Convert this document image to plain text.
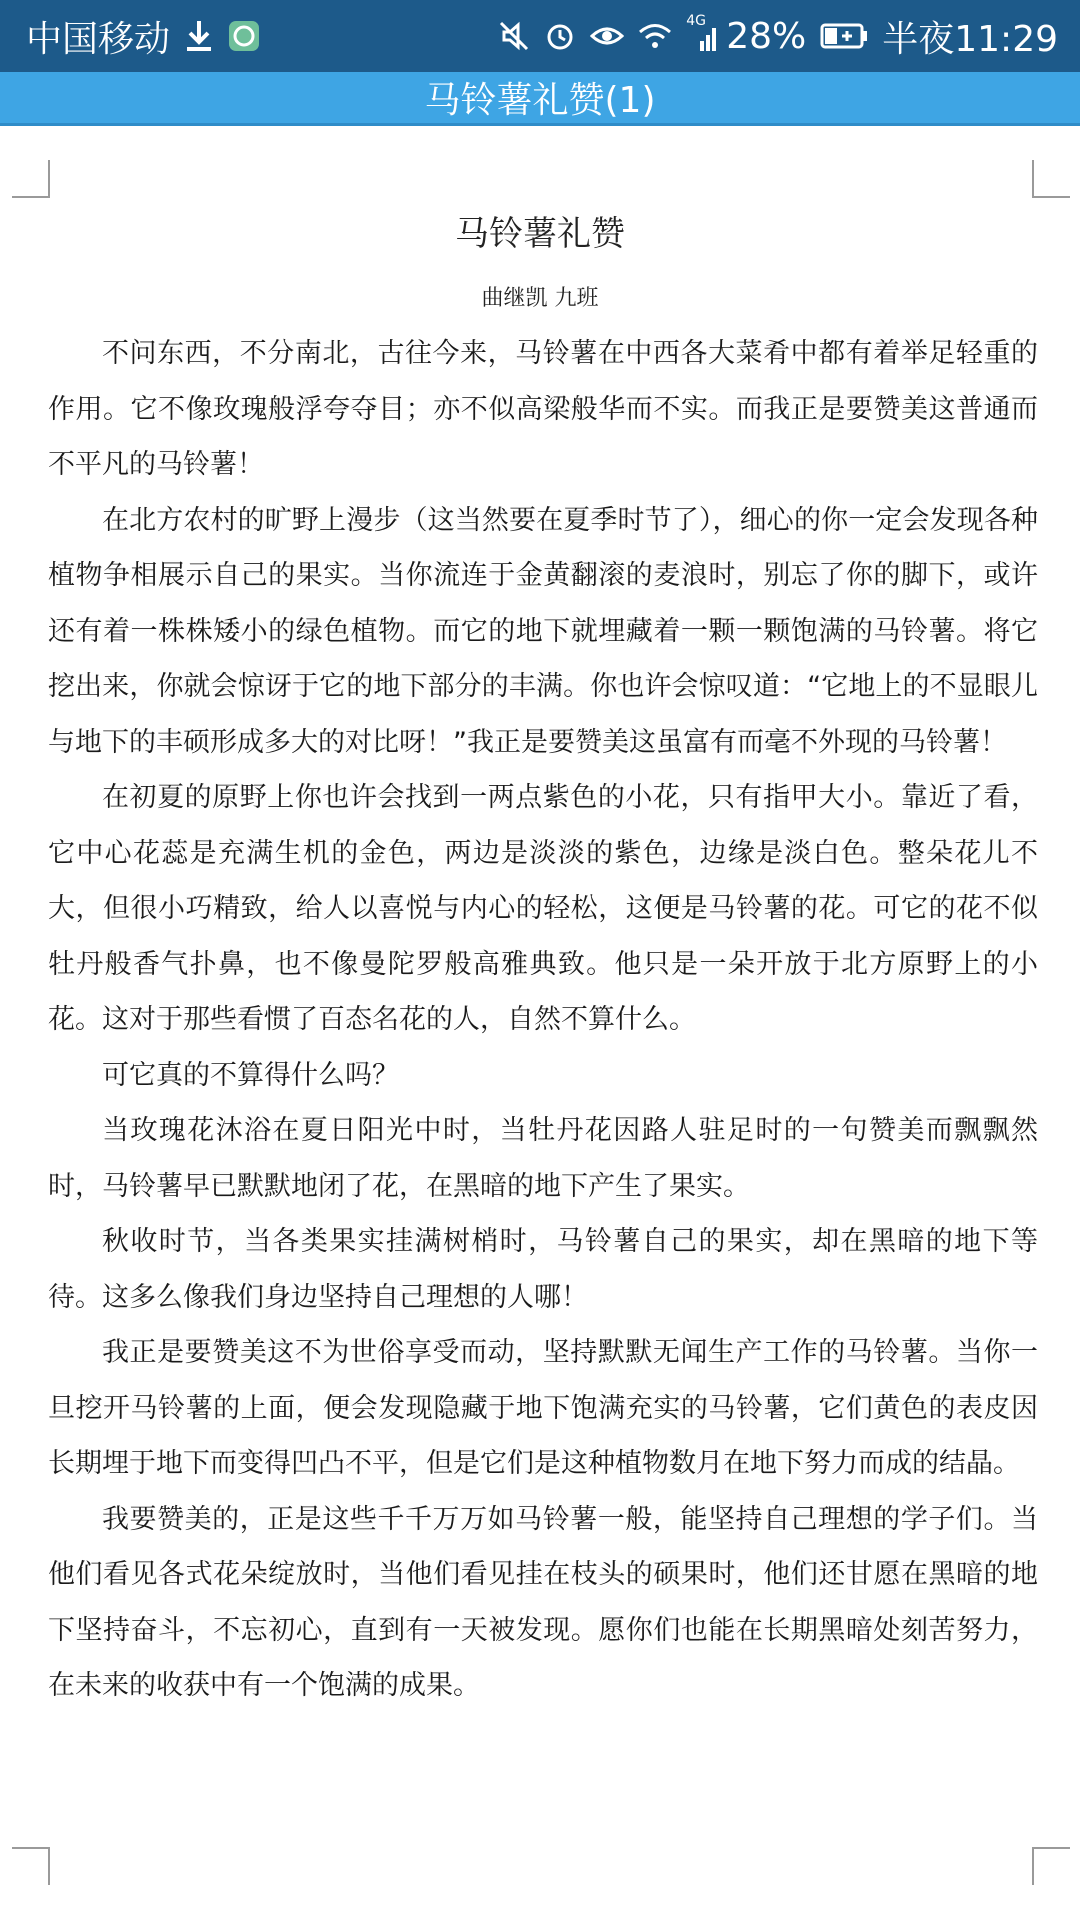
中国移动	4G 28% 半夜11:29
马铃薯礼赞(1)
马铃薯礼赞
曲继凯 九班

不问东西，不分南北，古往今来，马铃薯在中西各大菜肴中都有着举足轻重的作用。它不像玫瑰般浮夸夺目；亦不似高梁般华而不实。而我正是要赞美这普通而不平凡的马铃薯！

在北方农村的旷野上漫步（这当然要在夏季时节了），细心的你一定会发现各种植物争相展示自己的果实。当你流连于金黄翻滚的麦浪时，别忘了你的脚下，或许还有着一株株矮小的绿色植物。而它的地下就埋藏着一颗一颗饱满的马铃薯。将它挖出来，你就会惊讶于它的地下部分的丰满。你也许会惊叹道：“它地上的不显眼儿与地下的丰硕形成多大的对比呀！”我正是要赞美这虽富有而毫不外现的马铃薯！

在初夏的原野上你也许会找到一两点紫色的小花，只有指甲大小。靠近了看，它中心花蕊是充满生机的金色，两边是淡淡的紫色，边缘是淡白色。整朵花儿不大，但很小巧精致，给人以喜悦与内心的轻松，这便是马铃薯的花。可它的花不似牡丹般香气扑鼻，也不像曼陀罗般高雅典致。他只是一朵开放于北方原野上的小花。这对于那些看惯了百态名花的人，自然不算什么。

可它真的不算得什么吗？

当玫瑰花沐浴在夏日阳光中时，当牡丹花因路人驻足时的一句赞美而飘飘然时，马铃薯早已默默地闭了花，在黑暗的地下产生了果实。

秋收时节，当各类果实挂满树梢时，马铃薯自己的果实，却在黑暗的地下等待。这多么像我们身边坚持自己理想的人哪！

我正是要赞美这不为世俗享受而动，坚持默默无闻生产工作的马铃薯。当你一旦挖开马铃薯的上面，便会发现隐藏于地下饱满充实的马铃薯，它们黄色的表皮因长期埋于地下而变得凹凸不平，但是它们是这种植物数月在地下努力而成的结晶。

我要赞美的，正是这些千千万万如马铃薯一般，能坚持自己理想的学子们。当他们看见各式花朵绽放时，当他们看见挂在枝头的硕果时，他们还甘愿在黑暗的地下坚持奋斗，不忘初心，直到有一天被发现。愿你们也能在长期黑暗处刻苦努力，在未来的收获中有一个饱满的成果。
